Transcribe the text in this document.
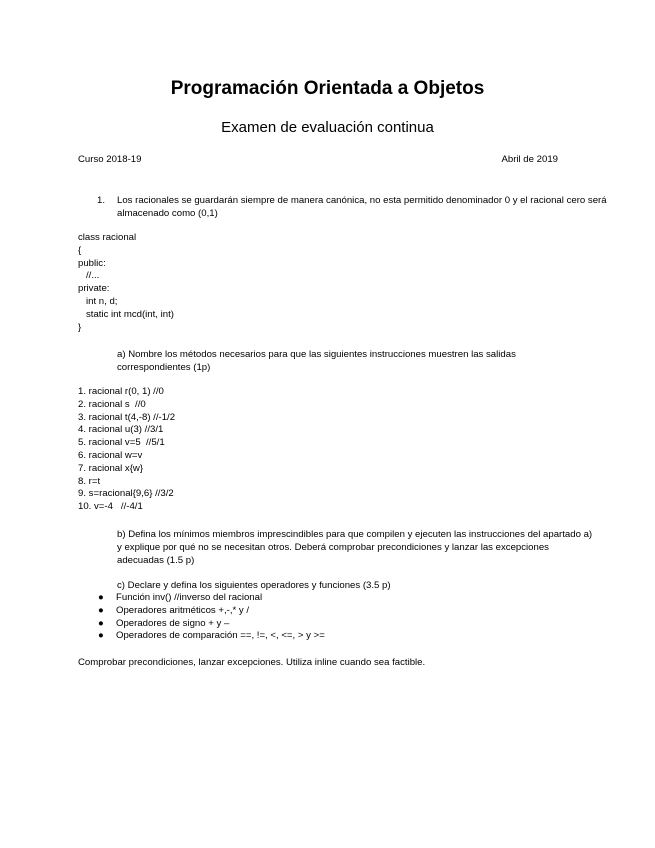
Programación Orientada a Objetos
Examen de evaluación continua
Curso 2018-19	Abril de 2019
1.	Los racionales se guardarán siempre de manera canónica, no esta permitido denominador 0 y el racional cero será almacenado como (0,1)
class racional
{
public:
//...
private:
int n, d;
static int mcd(int, int)
}
a) Nombre los métodos necesarios para que las siguientes instrucciones muestren las salidas correspondientes (1p)
1. racional r(0, 1) //0
2. racional s  //0
3. racional t(4,-8) //-1/2
4. racional u(3) //3/1
5. racional v=5  //5/1
6. racional w=v
7. racional x{w}
8. r=t
9. s=racional{9,6} //3/2
10. v=-4   //-4/1
b) Defina los mínimos miembros imprescindibles para que compilen y ejecuten las instrucciones del apartado a) y explique por qué no se necesitan otros. Deberá comprobar precondiciones y lanzar las excepciones adecuadas (1.5 p)
c) Declare y defina los siguientes operadores y funciones (3.5 p)
● Función inv() //inverso del racional
● Operadores aritméticos +,-,* y /
● Operadores de signo + y –
● Operadores de comparación ==, !=, <, <=, > y >=
Comprobar precondiciones, lanzar excepciones. Utiliza inline cuando sea factible.
